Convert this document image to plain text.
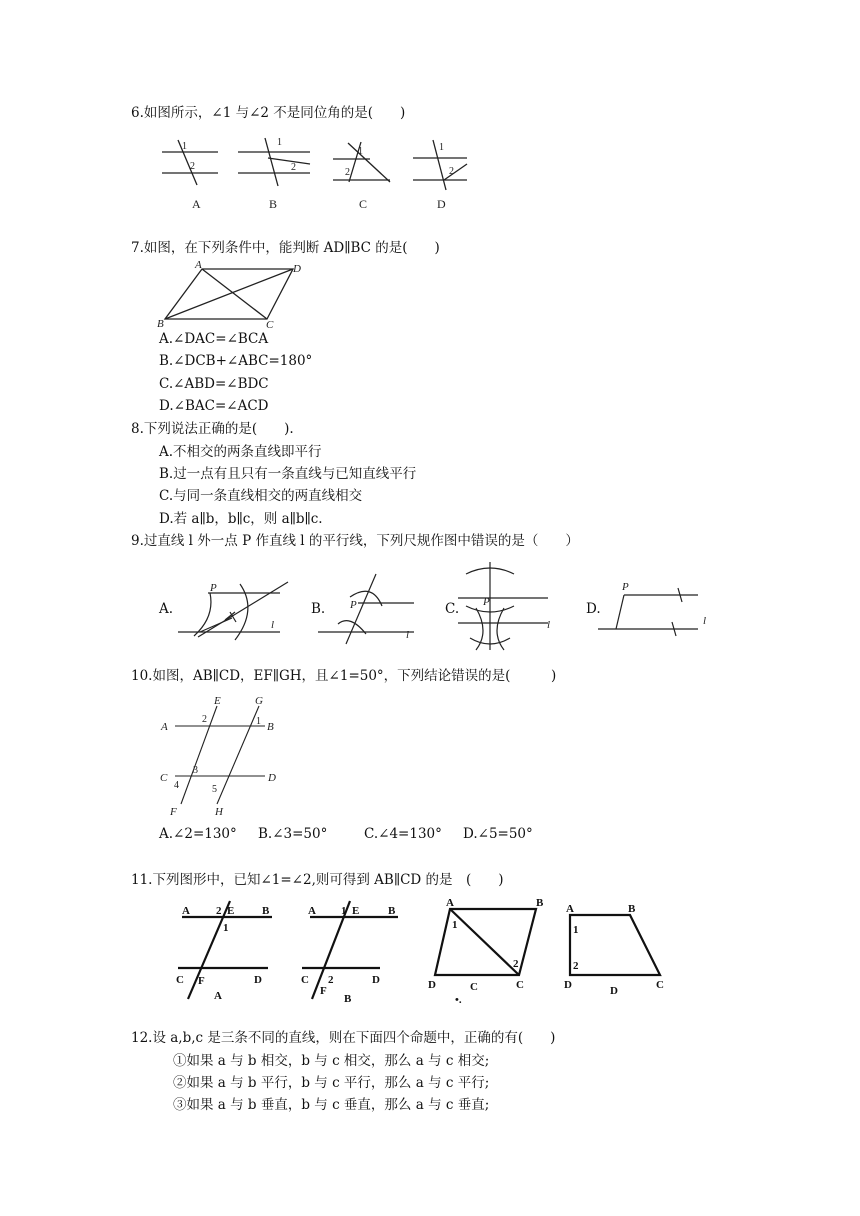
6.如图所示，∠1 与∠2 不是同位角的是(　　)
1
2
1
2
1
2
1
2
A	B	C	D
7.如图，在下列条件中，能判断 AD∥BC 的是(　　)
A	D
B	C
A.∠DAC=∠BCA
B.∠DCB+∠ABC=180°
C.∠ABD=∠BDC
D.∠BAC=∠ACD
8.下列说法正确的是(　　).
A.不相交的两条直线即平行
B.过一点有且只有一条直线与已知直线平行
C.与同一条直线相交的两直线相交
D.若 a∥b，b∥c，则 a∥b∥c.
9.过直线 l 外一点 P 作直线 l 的平行线，下列尺规作图中错误的是（　　）
A.	B.	C.	D.
P
l
P
l
P
l
P
l
10.如图，AB∥CD，EF∥GH，且∠1=50°，下列结论错误的是(　　　)
A	B
C	D
E	G
F	H
2	1
3
4	5
A.∠2=130° B.∠3=50°	C.∠4=130° D.∠5=50°
11.下列图形中，已知∠1=∠2,则可得到 AB∥CD 的是　(　　)
A 2 E	B
1
C F	D
A 1 E	B
C 2
F
D
A	B
1
2
D	C
C
•.
A	B
1
2
D	D	C
A	B
12.设 a,b,c 是三条不同的直线，则在下面四个命题中，正确的有(　　)
①如果 a 与 b 相交，b 与 c 相交，那么 a 与 c 相交;
②如果 a 与 b 平行，b 与 c 平行，那么 a 与 c 平行;
③如果 a 与 b 垂直，b 与 c 垂直，那么 a 与 c 垂直;
